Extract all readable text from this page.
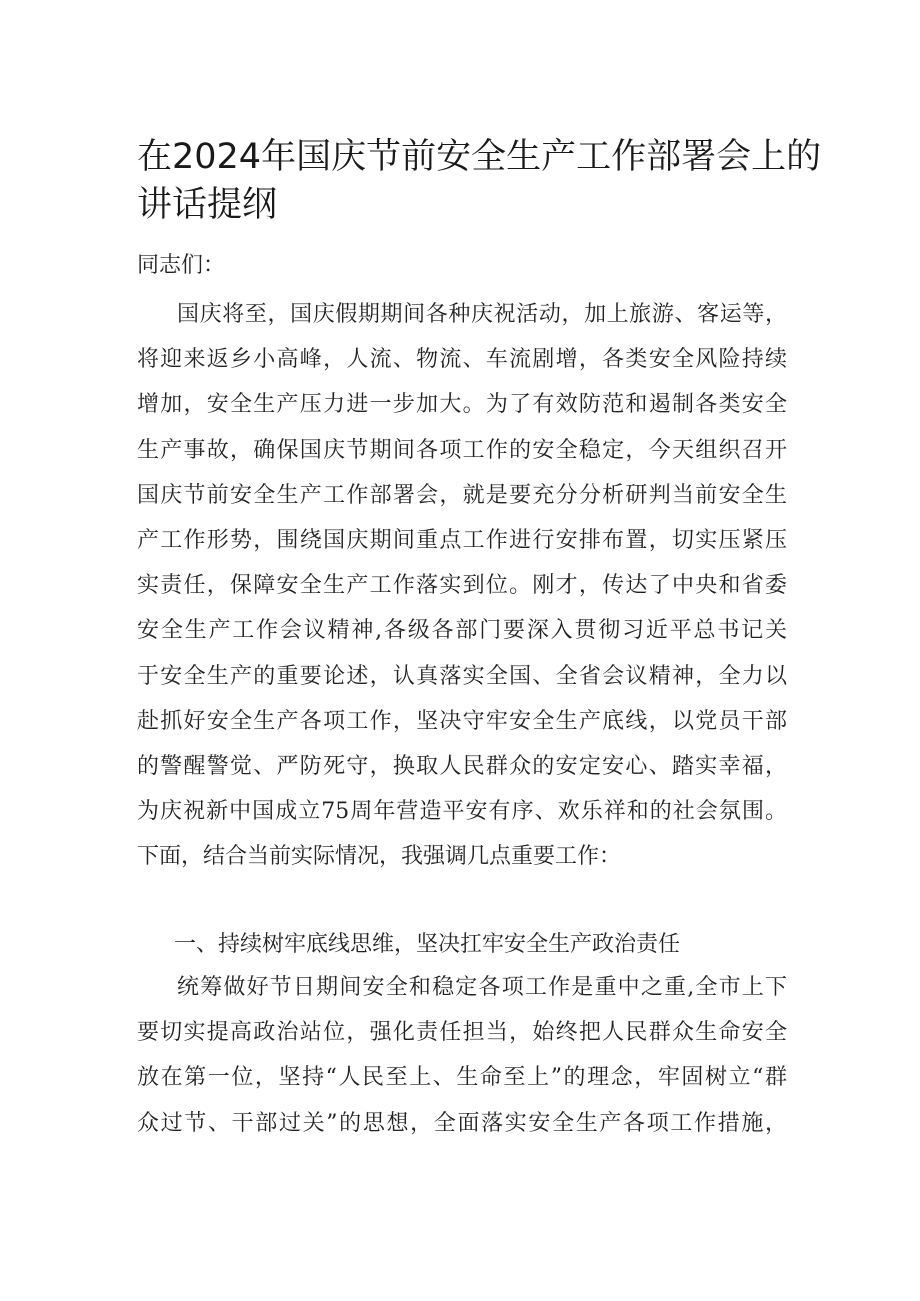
在2024年国庆节前安全生产工作部署会上的
讲话提纲

同志们：

国庆将至，国庆假期期间各种庆祝活动，加上旅游、客运等，
将迎来返乡小高峰，人流、物流、车流剧增，各类安全风险持续
增加，安全生产压力进一步加大。为了有效防范和遏制各类安全
生产事故，确保国庆节期间各项工作的安全稳定，今天组织召开
国庆节前安全生产工作部署会，就是要充分分析研判当前安全生
产工作形势，围绕国庆期间重点工作进行安排布置，切实压紧压
实责任，保障安全生产工作落实到位。刚才，传达了中央和省委
安全生产工作会议精神,各级各部门要深入贯彻习近平总书记关
于安全生产的重要论述，认真落实全国、全省会议精神，全力以
赴抓好安全生产各项工作，坚决守牢安全生产底线，以党员干部
的警醒警觉、严防死守，换取人民群众的安定安心、踏实幸福，
为庆祝新中国成立75周年营造平安有序、欢乐祥和的社会氛围。
下面，结合当前实际情况，我强调几点重要工作：

一、持续树牢底线思维，坚决扛牢安全生产政治责任

统筹做好节日期间安全和稳定各项工作是重中之重,全市上下
要切实提高政治站位，强化责任担当，始终把人民群众生命安全
放在第一位，坚持“人民至上、生命至上”的理念，牢固树立“群
众过节、干部过关”的思想，全面落实安全生产各项工作措施，
